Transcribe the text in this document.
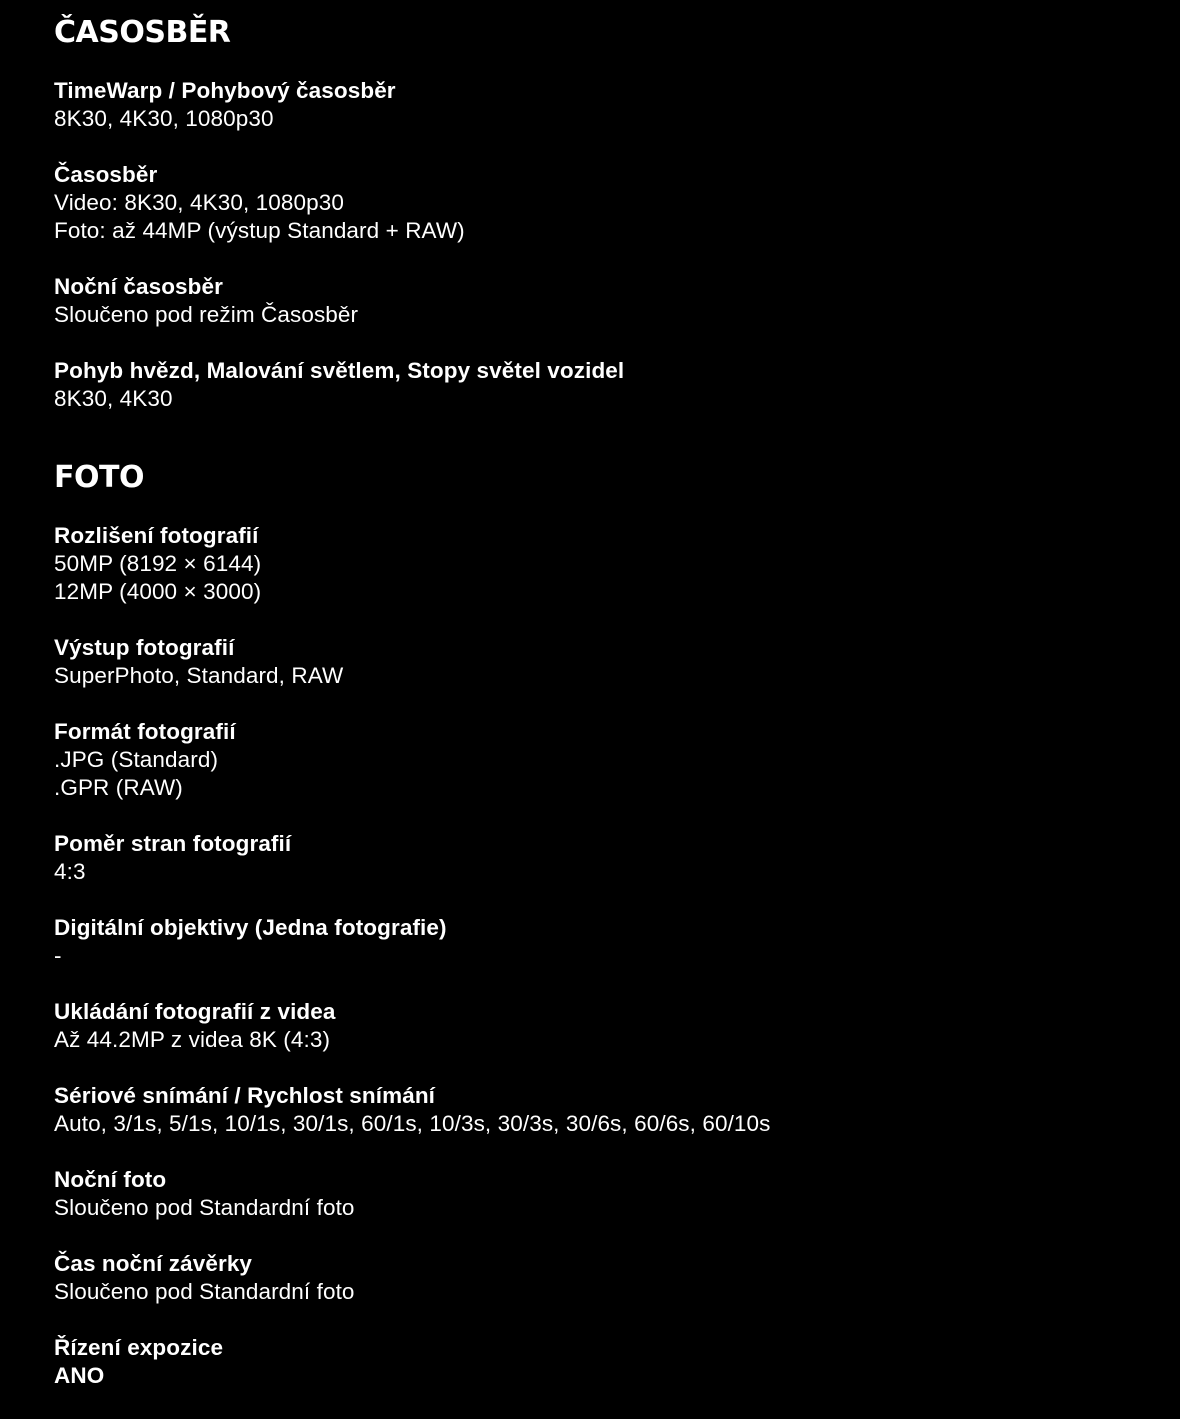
ČASOSBĚR
TimeWarp / Pohybový časosběr
8K30, 4K30, 1080p30
Časosběr
Video: 8K30, 4K30, 1080p30
Foto: až 44MP (výstup Standard + RAW)
Noční časosběr
Sloučeno pod režim Časosběr
Pohyb hvězd, Malování světlem, Stopy světel vozidel
8K30, 4K30
FOTO
Rozlišení fotografií
50MP (8192 × 6144)
12MP (4000 × 3000)
Výstup fotografií
SuperPhoto, Standard, RAW
Formát fotografií
.JPG (Standard)
.GPR (RAW)
Poměr stran fotografií
4:3
Digitální objektivy (Jedna fotografie)
-
Ukládání fotografií z videa
Až 44.2MP z videa 8K (4:3)
Sériové snímání / Rychlost snímání
Auto, 3/1s, 5/1s, 10/1s, 30/1s, 60/1s, 10/3s, 30/3s, 30/6s, 60/6s, 60/10s
Noční foto
Sloučeno pod Standardní foto
Čas noční závěrky
Sloučeno pod Standardní foto
Řízení expozice
ANO
